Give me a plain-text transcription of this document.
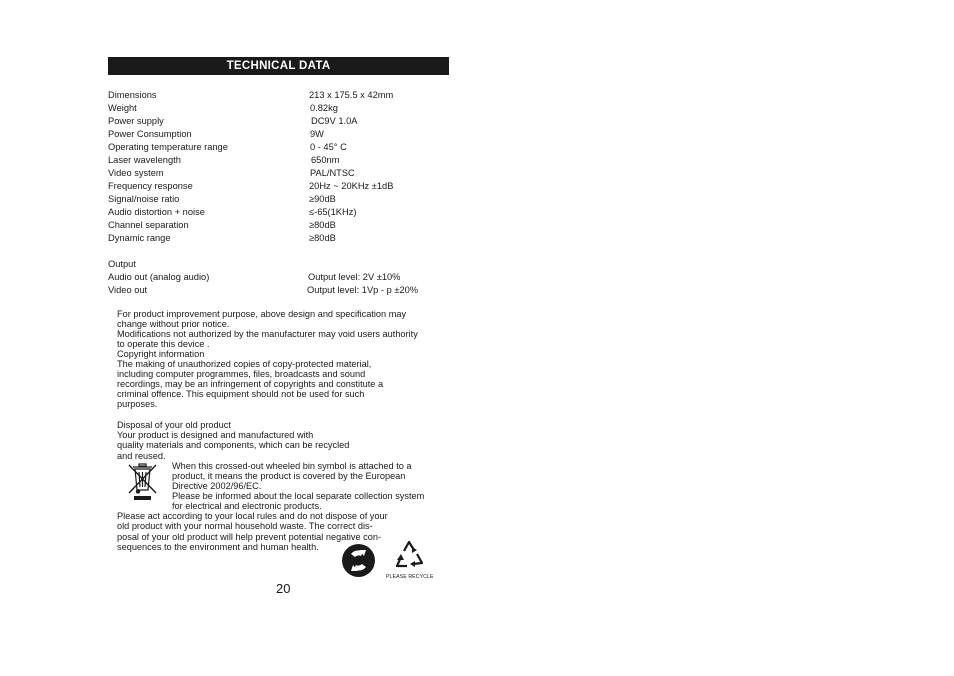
TECHNICAL DATA
Dimensions	213 x 175.5 x 42mm
Weight	0.82kg
Power supply	DC9V 1.0A
Power Consumption	9W
Operating temperature range	0 - 45° C
Laser wavelength	650nm
Video system	PAL/NTSC
Frequency response	20Hz ~ 20KHz ±1dB
Signal/noise ratio	≥90dB
Audio distortion + noise	≤-65(1KHz)
Channel separation	≥80dB
Dynamic range	≥80dB
Output
Audio out (analog audio)	Output level: 2V ±10%
Video out	Output level: 1Vp - p ±20%
For product improvement purpose, above design and specification may
change without prior notice.
Modifications not authorized by the manufacturer may void users authority
to operate this device .
Copyright information
The making of unauthorized copies of copy-protected material,
including computer programmes, files, broadcasts and sound
recordings, may be an infringement of copyrights and constitute a
criminal offence. This equipment should not be used for such
purposes.
Disposal of your old product
Your product is designed and manufactured with
quality materials and components, which can be recycled
and reused.
When this crossed-out wheeled bin symbol is attached to a
product, it means the product is covered by the European
Directive 2002/96/EC.
Please be informed about the local separate collection system
for electrical and electronic products.
Please act according to your local rules and do not dispose of your
old product with your normal household waste. The correct dis-
posal of your old product will help prevent potential negative con-
sequences to the environment and human health.
PLEASE RECYCLE
20
